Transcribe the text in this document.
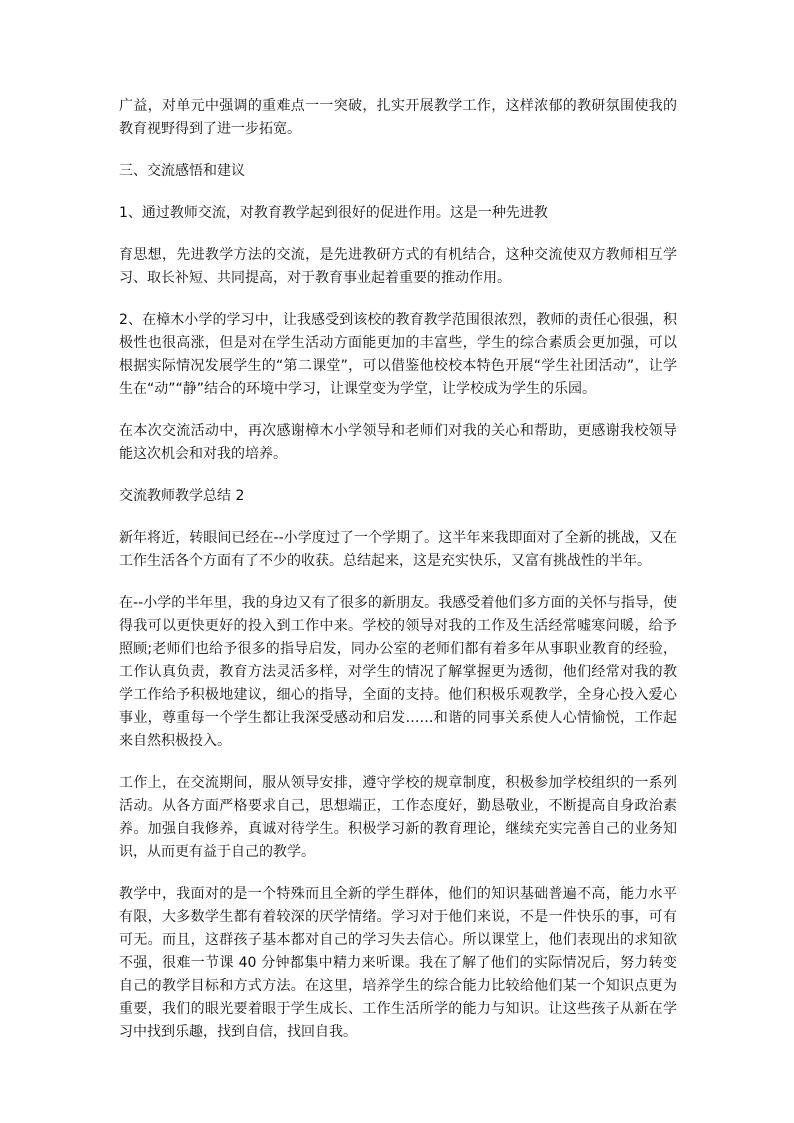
广益，对单元中强调的重难点一一突破，扎实开展教学工作，这样浓郁的教研氛围使我的教育视野得到了进一步拓宽。

三、交流感悟和建议

1、通过教师交流，对教育教学起到很好的促进作用。这是一种先进教

育思想，先进教学方法的交流，是先进教研方式的有机结合，这种交流使双方教师相互学习、取长补短、共同提高，对于教育事业起着重要的推动作用。

2、在樟木小学的学习中，让我感受到该校的教育教学范围很浓烈，教师的责任心很强，积极性也很高涨，但是对在学生活动方面能更加的丰富些，学生的综合素质会更加强，可以根据实际情况发展学生的“第二课堂”，可以借鉴他校校本特色开展“学生社团活动”，让学生在“动”“静”结合的环境中学习，让课堂变为学堂，让学校成为学生的乐园。

在本次交流活动中，再次感谢樟木小学领导和老师们对我的关心和帮助，更感谢我校领导能这次机会和对我的培养。

交流教师教学总结 2

新年将近，转眼间已经在--小学度过了一个学期了。这半年来我即面对了全新的挑战，又在工作生活各个方面有了不少的收获。总结起来，这是充实快乐，又富有挑战性的半年。

在--小学的半年里，我的身边又有了很多的新朋友。我感受着他们多方面的关怀与指导，使得我可以更快更好的投入到工作中来。学校的领导对我的工作及生活经常嘘寒问暖，给予照顾;老师们也给予很多的指导启发，同办公室的老师们都有着多年从事职业教育的经验，工作认真负责，教育方法灵活多样，对学生的情况了解掌握更为透彻，他们经常对我的教学工作给予积极地建议，细心的指导，全面的支持。他们积极乐观教学，全身心投入爱心事业，尊重每一个学生都让我深受感动和启发……和谐的同事关系使人心情愉悦，工作起来自然积极投入。

工作上，在交流期间，服从领导安排，遵守学校的规章制度，积极参加学校组织的一系列活动。从各方面严格要求自己，思想端正，工作态度好，勤恳敬业，不断提高自身政治素养。加强自我修养，真诚对待学生。积极学习新的教育理论，继续充实完善自己的业务知识，从而更有益于自己的教学。

教学中，我面对的是一个特殊而且全新的学生群体，他们的知识基础普遍不高，能力水平有限，大多数学生都有着较深的厌学情绪。学习对于他们来说，不是一件快乐的事，可有可无。而且，这群孩子基本都对自己的学习失去信心。所以课堂上，他们表现出的求知欲不强，很难一节课 40 分钟都集中精力来听课。我在了解了他们的实际情况后，努力转变自己的教学目标和方式方法。在这里，培养学生的综合能力比较给他们某一个知识点更为重要，我们的眼光要着眼于学生成长、工作生活所学的能力与知识。让这些孩子从新在学习中找到乐趣，找到自信，找回自我。
